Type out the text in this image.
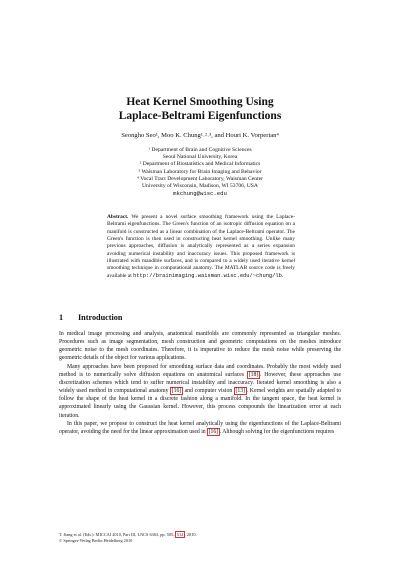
Heat Kernel Smoothing Using
Laplace-Beltrami Eigenfunctions
Seongho Seo¹, Moo K. Chung¹˒²˒³, and Houri K. Vorperian⁴
¹ Department of Brain and Cognitive Sciences
Seoul National University, Korea
² Department of Biostatistics and Medical Informatics
³ Waisman Laboratory for Brain Imaging and Behavior
⁴ Vocal Tract Development Laboratory, Waisman Center
University of Wisconsin, Madison, WI 53706, USA
mkchung@wisc.edu
Abstract. We present a novel surface smoothing framework using the Laplace-Beltrami eigenfunctions. The Green's function of an isotropic diffusion equation on a manifold is constructed as a linear combination of the Laplace-Beltrami operator. The Green's function is then used in constructing heat kernel smoothing. Unlike many previous approaches, diffusion is analytically represented as a series expansion avoiding numerical instability and inaccuracy issues. This proposed framework is illustrated with mandible surfaces, and is compared to a widely used iterative kernel smoothing technique in computational anatomy. The MATLAB source code is freely available at http://brainimaging.waisman.wisc.edu/~chung/lb.
1 Introduction

In medical image processing and analysis, anatomical manifolds are commonly represented as triangular meshes. Procedures such as image segmentation, mesh construction and geometric computations on the meshes introduce geometric noise to the mesh coordinates. Therefore, it is imperative to reduce the mesh noise while preserving the geometric details of the object for various applications.

Many approaches have been proposed for smoothing surface data and coordinates. Probably the most widely used method is to numerically solve diffusion equations on anatomical surfaces [18] . However, these approaches use discretization schemes which tend to suffer numerical instability and inaccuracy. Iterated kernel smoothing is also a widely used method in computational anatomy [16] and computer vision [13] . Kernel weights are spatially adapted to follow the shape of the heat kernel in a discrete fashion along a manifold. In the tangent space, the heat kernel is approximated linearly using the Gaussian kernel. However, this process compounds the linearization error at each iteration.

In this paper, we propose to construct the heat kernel analytically using the eigenfunctions of the Laplace-Beltrami operator, avoiding the need for the linear approximation used in [16] . Although solving for the eigenfunctions requires

T. Jiang et al. (Eds.): MICCAI 2010, Part III, LNCS 6363, pp. 505– 512 , 2010.
© Springer-Verlag Berlin Heidelberg 2010
